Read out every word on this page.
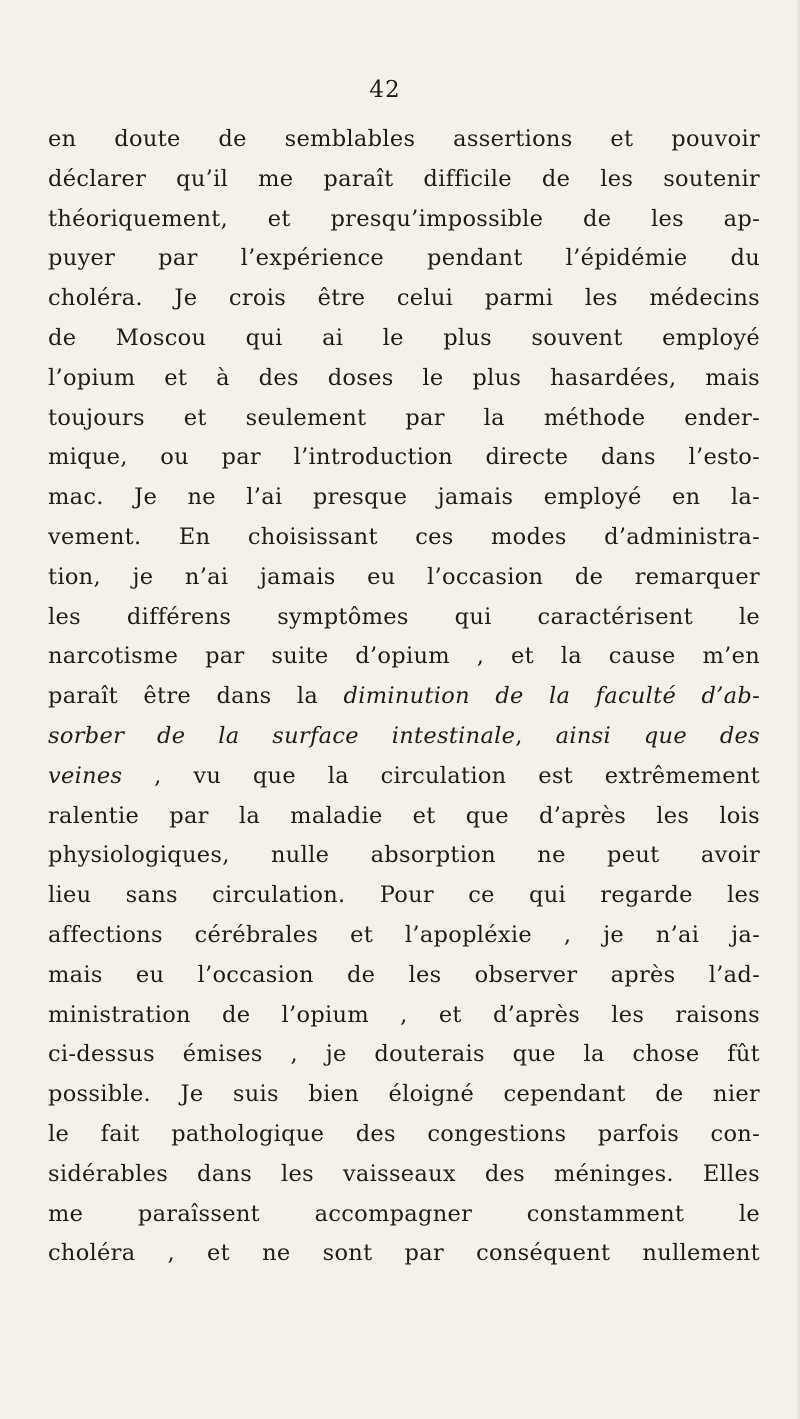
42
en doute de semblables assertions et pouvoir
déclarer qu’il me paraît difficile de les soutenir
théoriquement, et presqu’impossible de les ap-
puyer par l’expérience pendant l’épidémie du
choléra. Je crois être celui parmi les médecins
de Moscou qui ai le plus souvent employé
l’opium et à des doses le plus hasardées, mais
toujours et seulement par la méthode ender-
mique, ou par l’introduction directe dans l’esto-
mac. Je ne l’ai presque jamais employé en la-
vement. En choisissant ces modes d’administra-
tion, je n’ai jamais eu l’occasion de remarquer
les différens symptômes qui caractérisent le
narcotisme par suite d’opium , et la cause m’en
paraît être dans la diminution de la faculté d’ab-
sorber de la surface intestinale, ainsi que des
veines , vu que la circulation est extrêmement
ralentie par la maladie et que d’après les lois
physiologiques, nulle absorption ne peut avoir
lieu sans circulation. Pour ce qui regarde les
affections cérébrales et l’apopléxie , je n’ai ja-
mais eu l’occasion de les observer après l’ad-
ministration de l’opium , et d’après les raisons
ci-dessus émises , je douterais que la chose fût
possible. Je suis bien éloigné cependant de nier
le fait pathologique des congestions parfois con-
sidérables dans les vaisseaux des méninges. Elles
me paraîssent accompagner constamment le
choléra , et ne sont par conséquent nullement
